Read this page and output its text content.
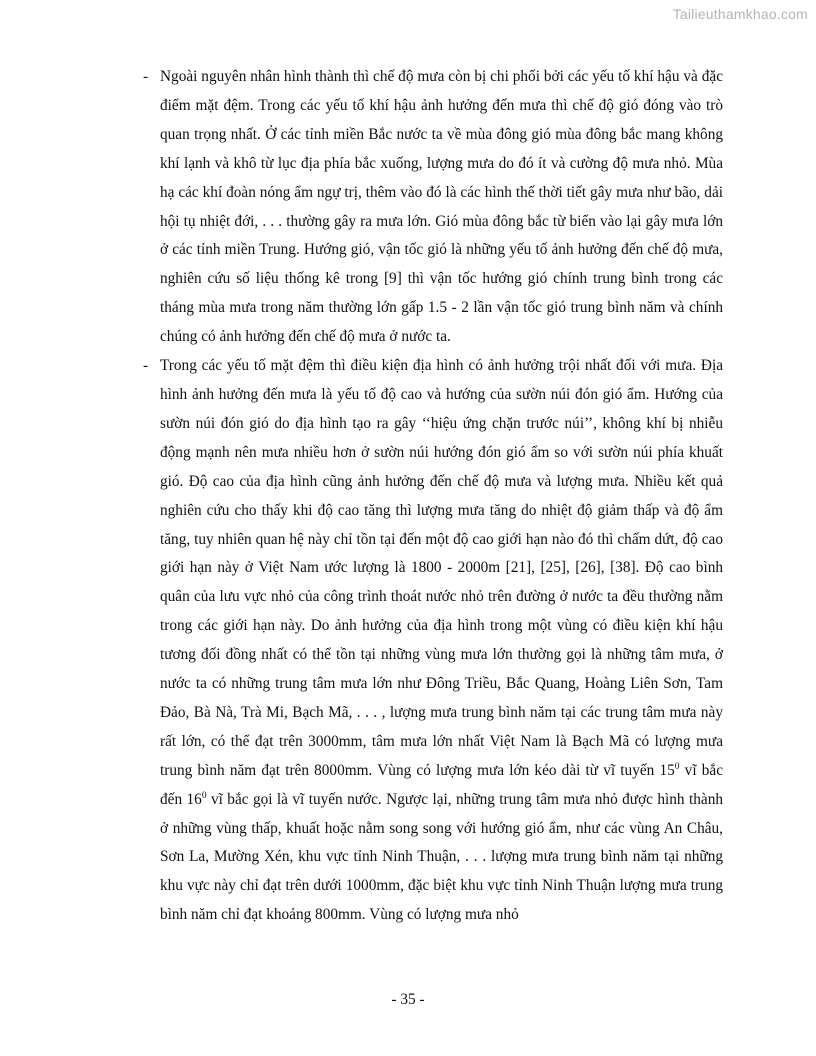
Tailieuthamkhao.com
- Ngoài nguyên nhân hình thành thì chế độ mưa còn bị chi phối bởi các yếu tố khí hậu và đặc điểm mặt đệm. Trong các yếu tố khí hậu ảnh hưởng đến mưa thì chế độ gió đóng vào trò quan trọng nhất. Ở các tỉnh miền Bắc nước ta về mùa đông gió mùa đông bắc mang không khí lạnh và khô từ lục địa phía bắc xuống, lượng mưa do đó ít và cường độ mưa nhỏ. Mùa hạ các khí đoàn nóng ẩm ngự trị, thêm vào đó là các hình thế thời tiết gây mưa như bão, dải hội tụ nhiệt đới, . . . thường gây ra mưa lớn. Gió mùa đông bắc từ biển vào lại gây mưa lớn ở các tỉnh miền Trung. Hướng gió, vận tốc gió là những yếu tố ảnh hưởng đến chế độ mưa, nghiên cứu số liệu thống kê trong [9] thì vận tốc hướng gió chính trung bình trong các tháng mùa mưa trong năm thường lớn gấp 1.5 - 2 lần vận tốc gió trung bình năm và chính chúng có ảnh hưởng đến chế độ mưa ở nước ta.
- Trong các yếu tố mặt đệm thì điều kiện địa hình có ảnh hưởng trội nhất đối với mưa. Địa hình ảnh hưởng đến mưa là yếu tố độ cao và hướng của sườn núi đón gió ẩm. Hướng của sườn núi đón gió do địa hình tạo ra gây ‘‘hiệu ứng chặn trước núi’’, không khí bị nhiễu động mạnh nên mưa nhiều hơn ở sườn núi hướng đón gió ẩm so với sườn núi phía khuất gió. Độ cao của địa hình cũng ảnh hưởng đến chế độ mưa và lượng mưa. Nhiều kết quả nghiên cứu cho thấy khi độ cao tăng thì lượng mưa tăng do nhiệt độ giảm thấp và độ ẩm tăng, tuy nhiên quan hệ này chỉ tồn tại đến một độ cao giới hạn nào đó thì chấm dứt, độ cao giới hạn này ở Việt Nam ước lượng là 1800 - 2000m [21], [25], [26], [38]. Độ cao bình quân của lưu vực nhỏ của công trình thoát nước nhỏ trên đường ở nước ta đều thường nằm trong các giới hạn này. Do ảnh hưởng của địa hình trong một vùng có điều kiện khí hậu tương đối đồng nhất có thể tồn tại những vùng mưa lớn thường gọi là những tâm mưa, ở nước ta có những trung tâm mưa lớn như Đông Triều, Bắc Quang, Hoàng Liên Sơn, Tam Đảo, Bà Nà, Trà Mi, Bạch Mã, . . . , lượng mưa trung bình năm tại các trung tâm mưa này rất lớn, có thể đạt trên 3000mm, tâm mưa lớn nhất Việt Nam là Bạch Mã có lượng mưa trung bình năm đạt trên 8000mm. Vùng có lượng mưa lớn kéo dài từ vĩ tuyến $15^0$ vĩ bắc đến $16^0$ vĩ bắc gọi là vĩ tuyến nước. Ngược lại, những trung tâm mưa nhỏ được hình thành ở những vùng thấp, khuất hoặc nằm song song với hướng gió ẩm, như các vùng An Châu, Sơn La, Mường Xén, khu vực tỉnh Ninh Thuận, . . . lượng mưa trung bình năm tại những khu vực này chỉ đạt trên dưới 1000mm, đặc biệt khu vực tỉnh Ninh Thuận lượng mưa trung bình năm chỉ đạt khoảng 800mm. Vùng có lượng mưa nhỏ
- 35 -
